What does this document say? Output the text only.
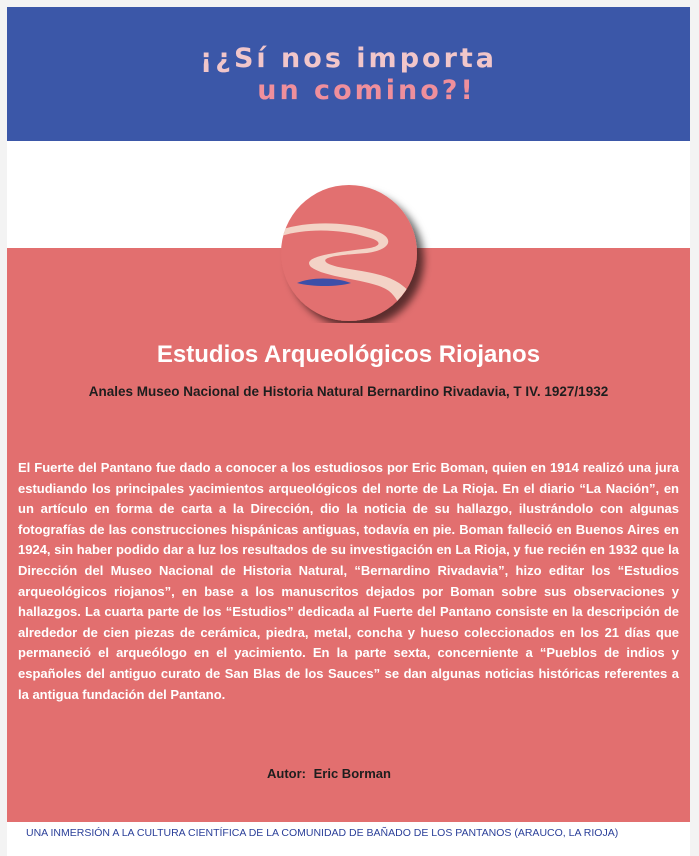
¡¿Sí nos importa
un comino?!
Estudios Arqueológicos Riojanos
Anales Museo Nacional de Historia Natural Bernardino Rivadavia, T IV. 1927/1932

El Fuerte del Pantano fue dado a conocer a los estudiosos por Eric Boman, quien en 1914 realizó una jura estudiando los principales yacimientos arqueológicos del norte de La Rioja. En el diario “La Nación”, en un artículo en forma de carta a la Dirección, dio la noticia de su hallazgo, ilustrándolo con algunas fotografías de las construcciones hispánicas antiguas, todavía en pie. Boman falleció en Buenos Aires en 1924, sin haber podido dar a luz los resultados de su investigación en La Rioja, y fue recién en 1932 que la Dirección del Museo Nacional de Historia Natural, “Bernardino Rivadavia”, hizo editar los “Estudios arqueológicos riojanos”, en base a los manuscritos dejados por Boman sobre sus observaciones y hallazgos. La cuarta parte de los “Estudios” dedicada al Fuerte del Pantano consiste en la descripción de alrededor de cien piezas de cerámica, piedra, metal, concha y hueso coleccionados en los 21 días que permaneció el arqueólogo en el yacimiento. En la parte sexta, concerniente a “Pueblos de indios y españoles del antiguo curato de San Blas de los Sauces” se dan algunas noticias históricas referentes a la antigua fundación del Pantano.

Autor: Eric Borman
UNA INMERSIÓN A LA CULTURA CIENTÍFICA DE LA COMUNIDAD DE BAÑADO DE LOS PANTANOS (ARAUCO, LA RIOJA)
